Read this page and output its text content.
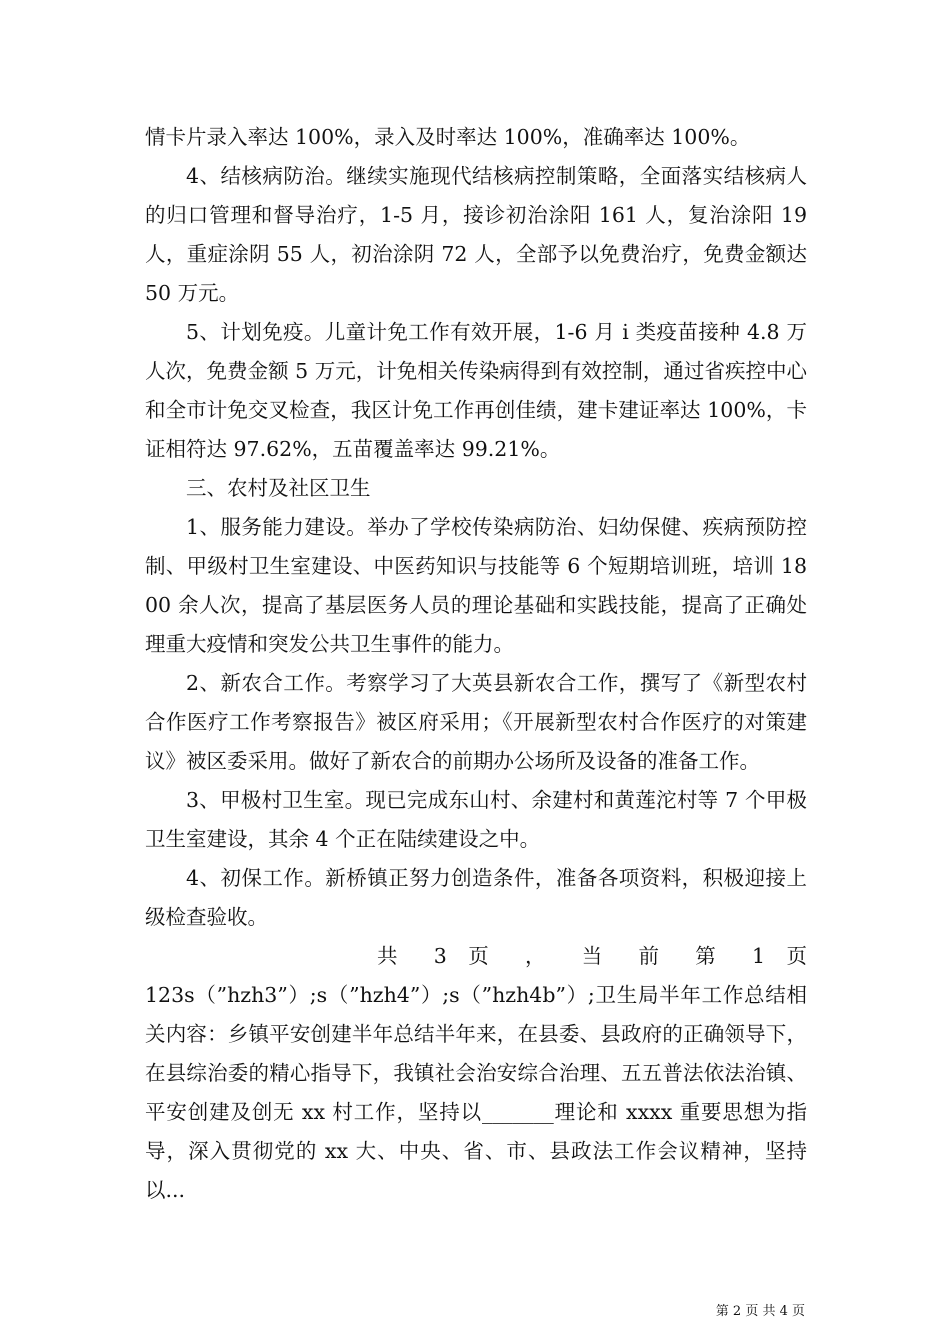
情卡片录入率达 100%，录入及时率达 100%，准确率达 100%。

4、结核病防治。继续实施现代结核病控制策略，全面落实结核病人的归口管理和督导治疗，1-5 月，接诊初治涂阳 161 人，复治涂阳 19 人，重症涂阴 55 人，初治涂阴 72 人，全部予以免费治疗，免费金额达 50 万元。

5、计划免疫。儿童计免工作有效开展，1-6 月 i 类疫苗接种 4.8 万人次，免费金额 5 万元，计免相关传染病得到有效控制，通过省疾控中心和全市计免交叉检查，我区计免工作再创佳绩，建卡建证率达 100%，卡证相符达 97.62%，五苗覆盖率达 99.21%。

三、农村及社区卫生

1、服务能力建设。举办了学校传染病防治、妇幼保健、疾病预防控制、甲级村卫生室建设、中医药知识与技能等 6 个短期培训班，培训 1800 余人次，提高了基层医务人员的理论基础和实践技能，提高了正确处理重大疫情和突发公共卫生事件的能力。

2、新农合工作。考察学习了大英县新农合工作，撰写了《新型农村合作医疗工作考察报告》被区府采用；《开展新型农村合作医疗的对策建议》被区委采用。做好了新农合的前期办公场所及设备的准备工作。

3、甲极村卫生室。现已完成东山村、余建村和黄莲沱村等 7 个甲极卫生室建设，其余 4 个正在陆续建设之中。

4、初保工作。新桥镇正努力创造条件，准备各项资料，积极迎接上级检查验收。

共 3 页 ， 当 前 第 1 页

123s（”hzh3”）;s（”hzh4”）;s（”hzh4b”）;卫生局半年工作总结相关内容：乡镇平安创建半年总结半年来，在县委、县政府的正确领导下，在县综治委的精心指导下，我镇社会治安综合治理、五五普法依法治镇、平安创建及创无 xx 村工作，坚持以_______理论和 xxxx 重要思想为指导，深入贯彻党的 xx 大、中央、省、市、县政法工作会议精神，坚持以...

第 2 页 共 4 页
